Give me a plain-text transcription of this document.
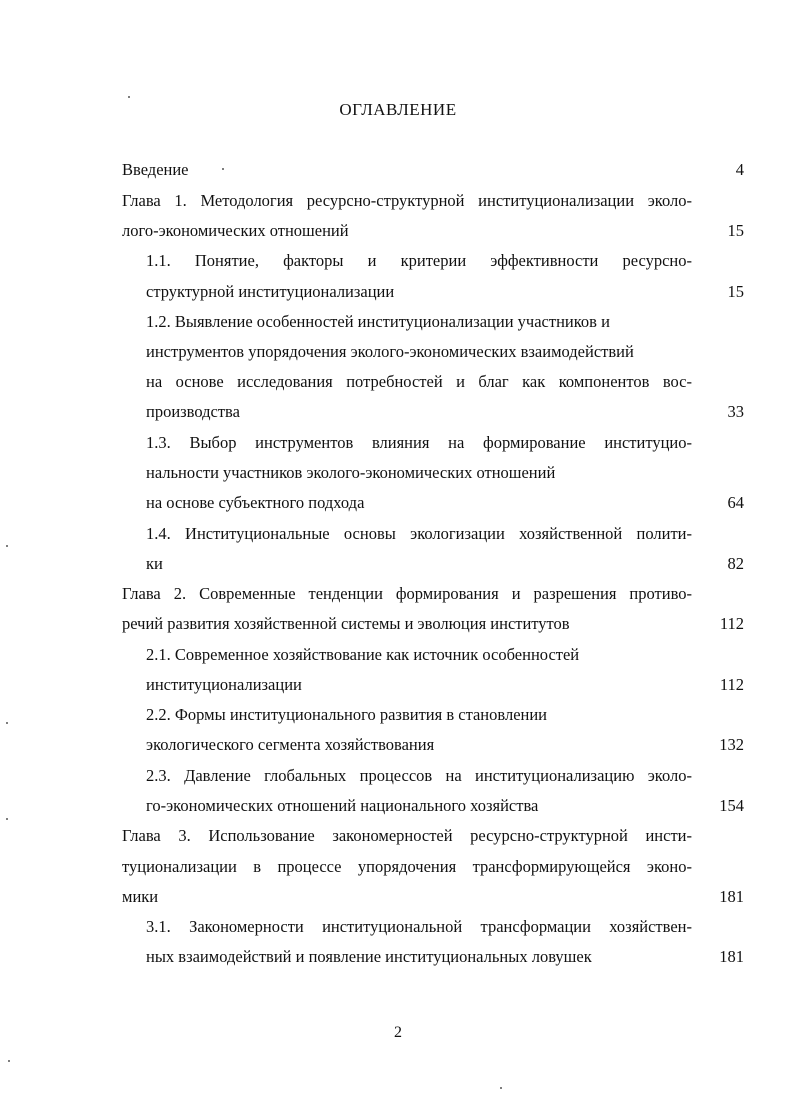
ОГЛАВЛЕНИЕ
Введение	4
Глава 1. Методология ресурсно-структурной институционализации эколо-
лого-экономических отношений	15
1.1. Понятие, факторы и критерии эффективности ресурсно-
структурной институционализации	15
1.2. Выявление особенностей институционализации участников и
инструментов упорядочения эколого-экономических взаимодействий
на основе исследования потребностей и благ как компонентов вос-
производства	33
1.3. Выбор инструментов влияния на формирование институцио-
нальности участников эколого-экономических отношений
на основе субъектного подхода	64
1.4. Институциональные основы экологизации хозяйственной полити-
ки	82
Глава 2. Современные тенденции формирования и разрешения противо-
речий развития хозяйственной системы и эволюция институтов	112
2.1. Современное хозяйствование как источник особенностей
институционализации	112
2.2. Формы институционального развития в становлении
экологического сегмента хозяйствования	132
2.3. Давление глобальных процессов на институционализацию эколо-
го-экономических отношений национального хозяйства	154
Глава 3. Использование закономерностей ресурсно-структурной инсти-
туционализации в процессе упорядочения трансформирующейся эконо-
мики	181
3.1. Закономерности институциональной трансформации хозяйствен-
ных взаимодействий и появление институциональных ловушек	181
2
